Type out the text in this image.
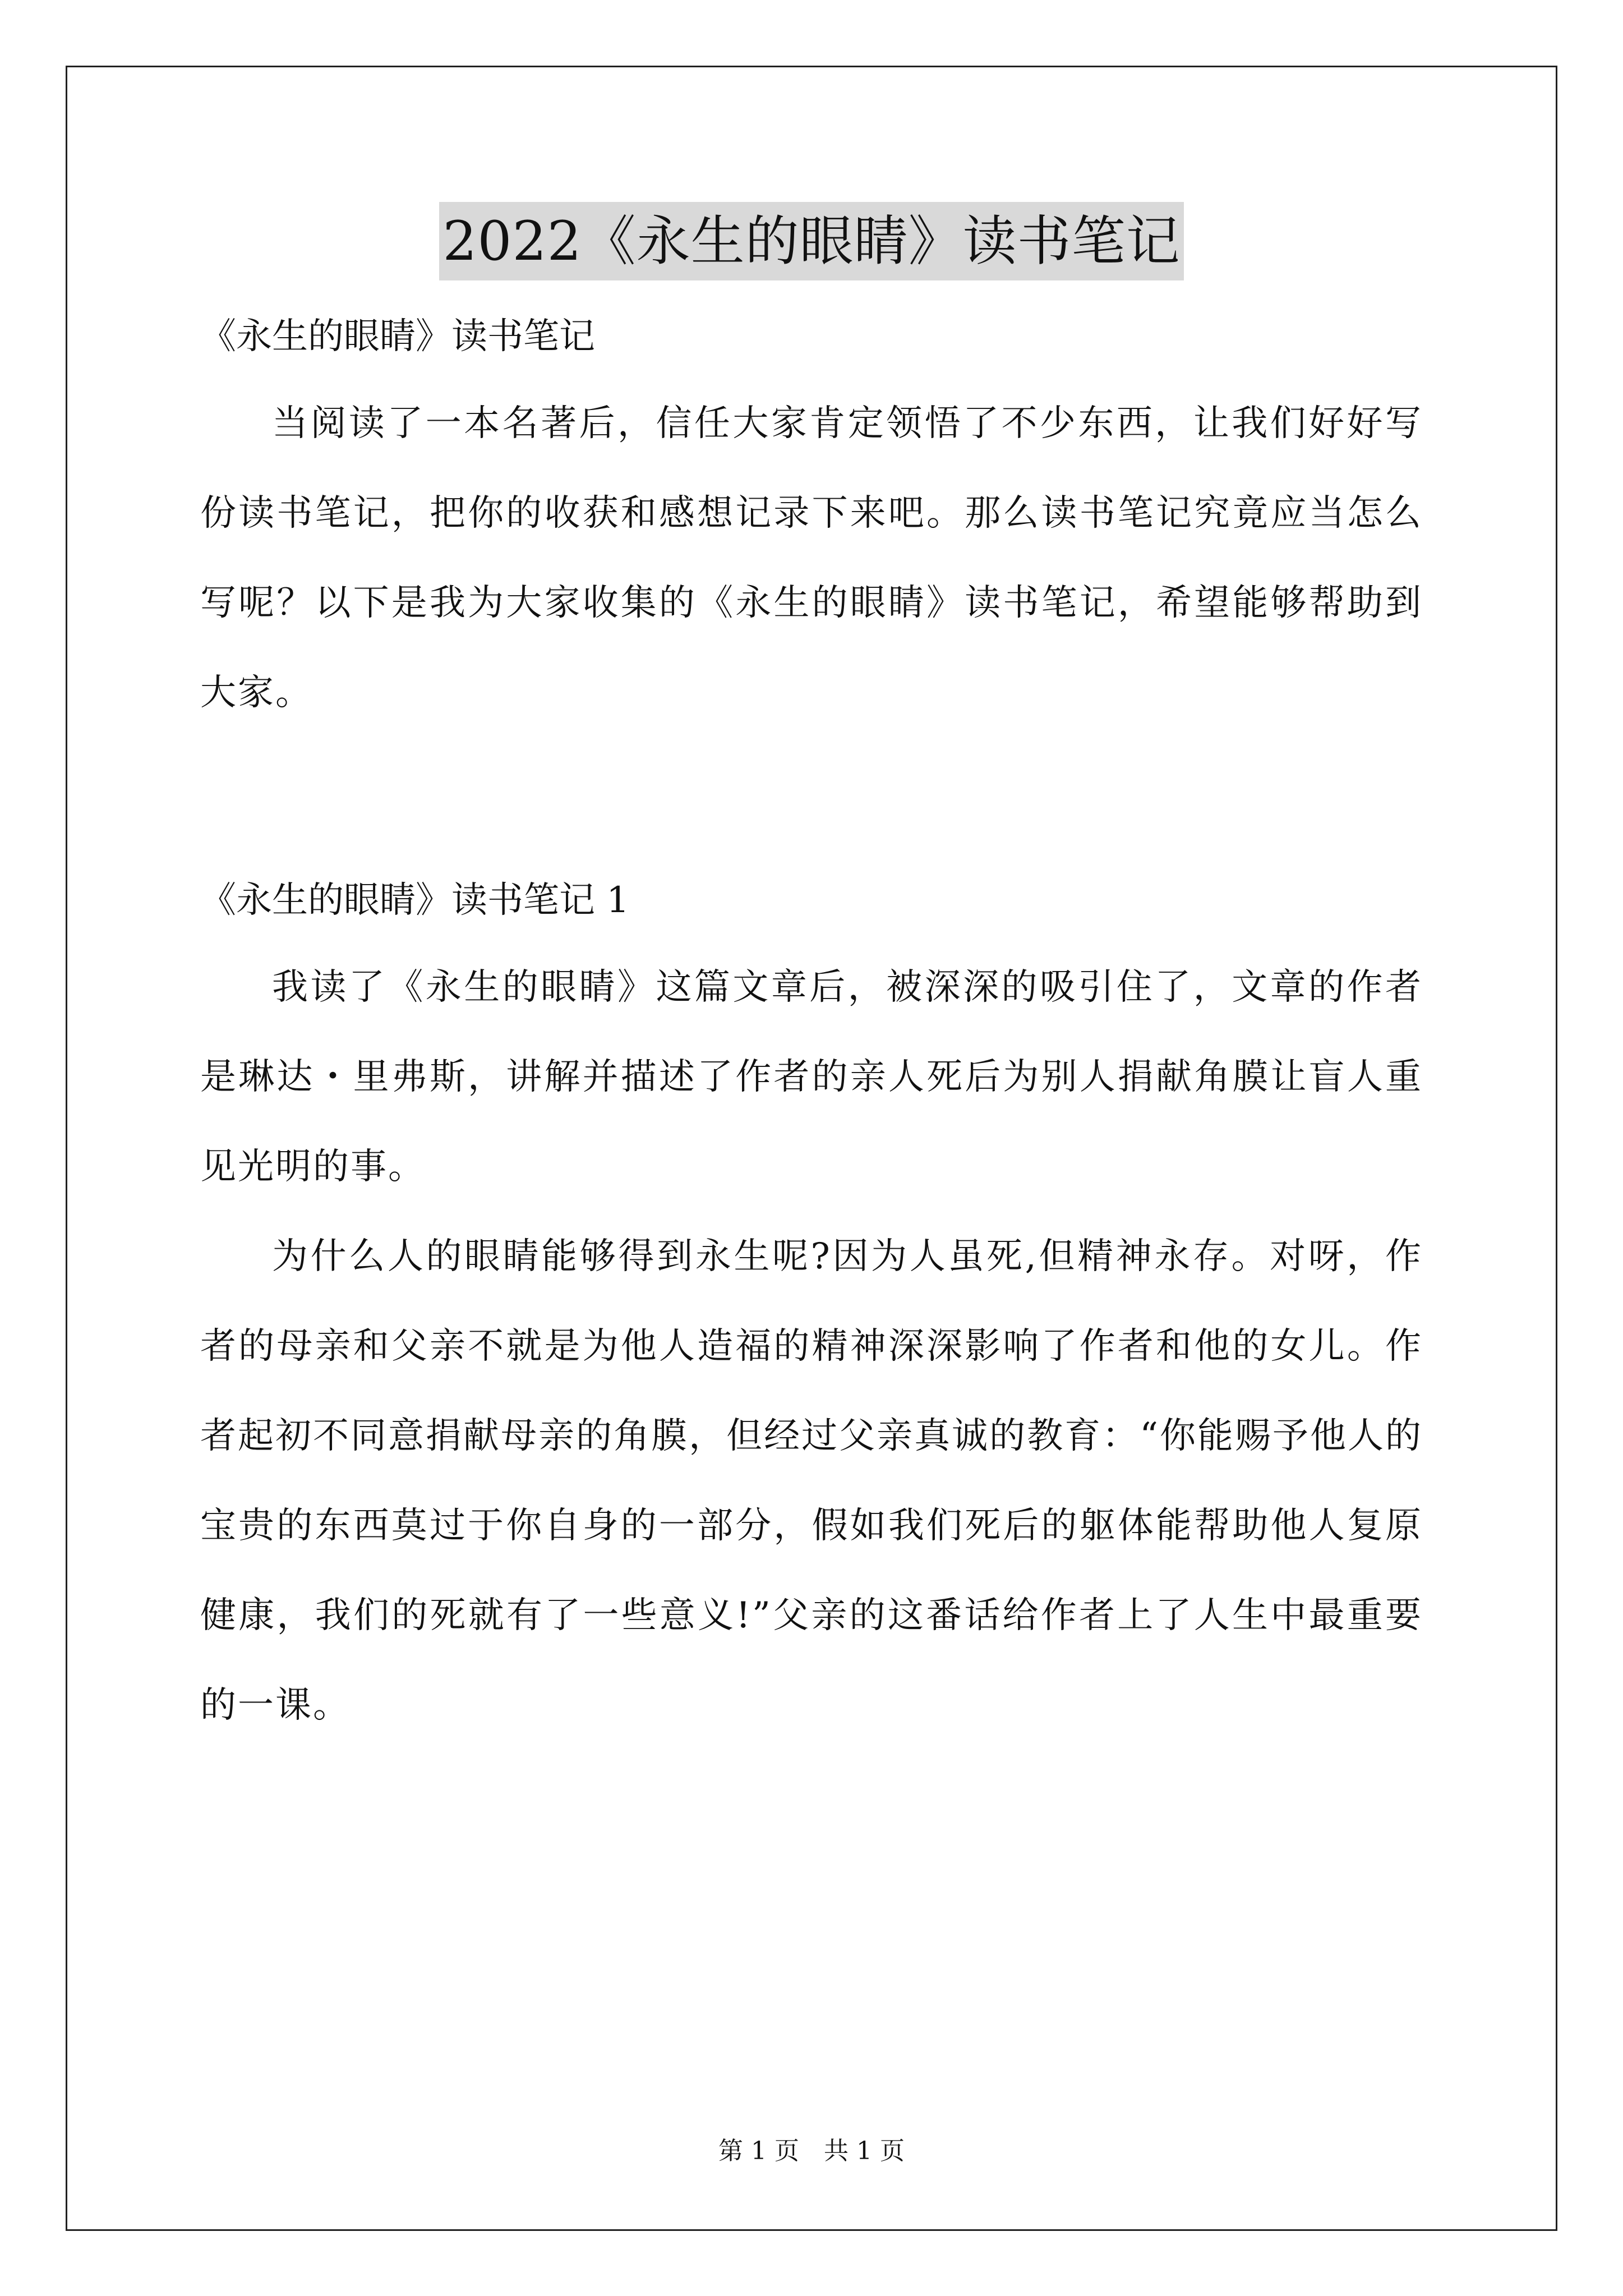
2022《永生的眼睛》读书笔记

《永生的眼睛》读书笔记

当阅读了一本名著后，信任大家肯定领悟了不少东西，让我们好好写份读书笔记，把你的收获和感想记录下来吧。那么读书笔记究竟应当怎么写呢？以下是我为大家收集的《永生的眼睛》读书笔记，希望能够帮助到大家。

《永生的眼睛》读书笔记 1

我读了《永生的眼睛》这篇文章后，被深深的吸引住了，文章的作者是琳达・里弗斯，讲解并描述了作者的亲人死后为别人捐献角膜让盲人重见光明的事。

为什么人的眼睛能够得到永生呢?因为人虽死,但精神永存。对呀，作者的母亲和父亲不就是为他人造福的精神深深影响了作者和他的女儿。作者起初不同意捐献母亲的角膜，但经过父亲真诚的教育：“你能赐予他人的宝贵的东西莫过于你自身的一部分，假如我们死后的躯体能帮助他人复原健康，我们的死就有了一些意义!”父亲的这番话给作者上了人生中最重要的一课。

第 1 页　共 1 页
